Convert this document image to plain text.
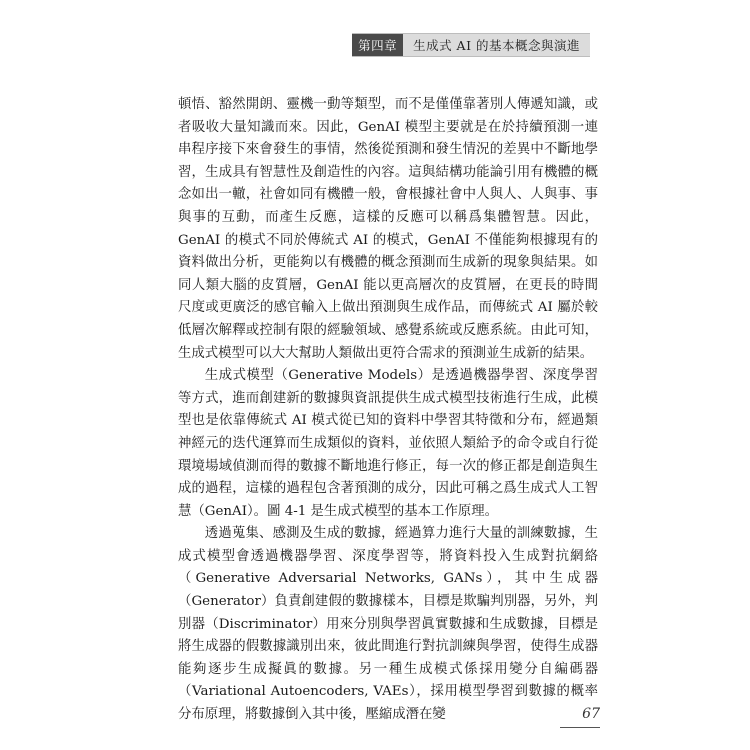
第四章	生成式 AI 的基本概念與演進

頓悟、豁然開朗、靈機一動等類型，而不是僅僅靠著別人傳遞知識，或者吸收大量知識而來。因此，GenAI 模型主要就是在於持續預測一連串程序接下來會發生的事情，然後從預測和發生情況的差異中不斷地學習，生成具有智慧性及創造性的內容。這與結構功能論引用有機體的概念如出一轍，社會如同有機體一般，會根據社會中人與人、人與事、事與事的互動，而產生反應，這樣的反應可以稱爲集體智慧。因此，GenAI 的模式不同於傳統式 AI 的模式，GenAI 不僅能夠根據現有的資料做出分析，更能夠以有機體的概念預測而生成新的現象與結果。如同人類大腦的皮質層，GenAI 能以更高層次的皮質層，在更長的時間尺度或更廣泛的感官輸入上做出預測與生成作品，而傳統式 AI 屬於較低層次解釋或控制有限的經驗領域、感覺系統或反應系統。由此可知，生成式模型可以大大幫助人類做出更符合需求的預測並生成新的結果。

生成式模型（Generative Models）是透過機器學習、深度學習等方式，進而創建新的數據與資訊提供生成式模型技術進行生成，此模型也是依靠傳統式 AI 模式從已知的資料中學習其特徵和分布，經過類神經元的迭代運算而生成類似的資料，並依照人類給予的命令或自行從環境場域偵測而得的數據不斷地進行修正，每一次的修正都是創造與生成的過程，這樣的過程包含著預測的成分，因此可稱之爲生成式人工智慧（GenAI）。圖 4-1 是生成式模型的基本工作原理。

透過蒐集、感測及生成的數據，經過算力進行大量的訓練數據，生成式模型會透過機器學習、深度學習等，將資料投入生成對抗網絡（Generative Adversarial Networks, GANs），其中生成器（Generator）負責創建假的數據樣本，目標是欺騙判別器，另外，判別器（Discriminator）用來分別與學習眞實數據和生成數據，目標是將生成器的假數據識別出來，彼此間進行對抗訓練與學習，使得生成器能夠逐步生成擬眞的數據。另一種生成模式係採用變分自編碼器（Variational Autoencoders, VAEs），採用模型學習到數據的概率分布原理，將數據倒入其中後，壓縮成潛在變	67
